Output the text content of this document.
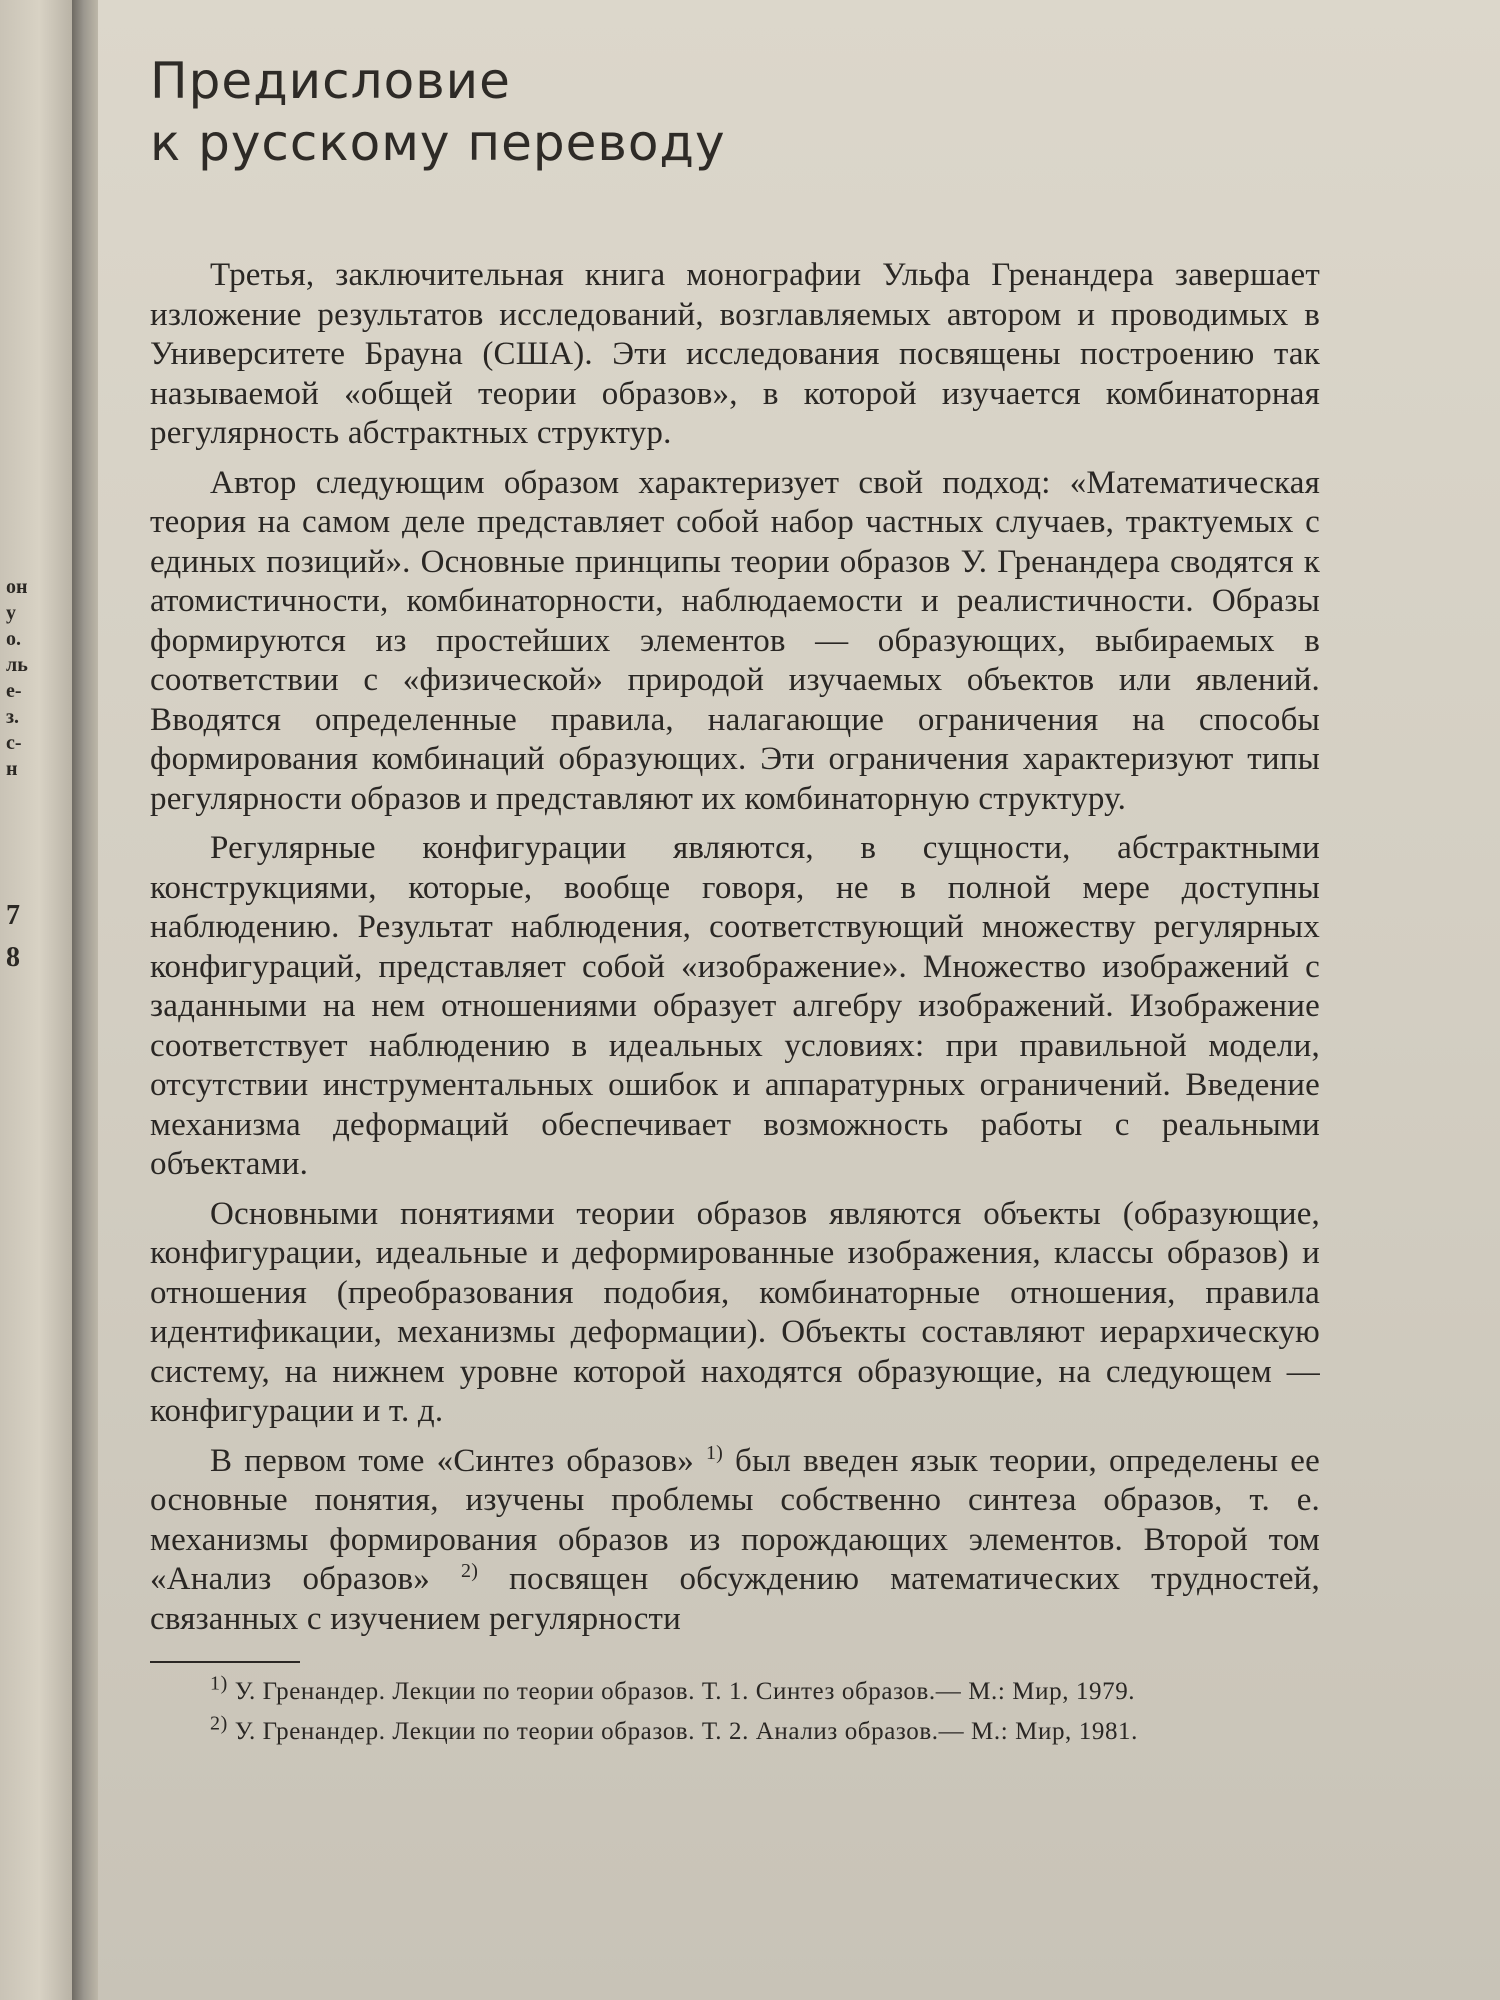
он
у
о.
ль
е-
з.
с-
н
7
8
Предисловие
к русскому переводу

Третья, заключительная книга монографии Ульфа Гренандера завершает изложение результатов исследований, возглавляемых автором и проводимых в Университете Брауна (США). Эти исследования посвящены построению так называемой «общей теории образов», в которой изучается комбинаторная регулярность абстрактных структур.

Автор следующим образом характеризует свой подход: «Математическая теория на самом деле представляет собой набор частных случаев, трактуемых с единых позиций». Основные принципы теории образов У. Гренандера сводятся к атомистичности, комбинаторности, наблюдаемости и реалистичности. Образы формируются из простейших элементов — образующих, выбираемых в соответствии с «физической» природой изучаемых объектов или явлений. Вводятся определенные правила, налагающие ограничения на способы формирования комбинаций образующих. Эти ограничения характеризуют типы регулярности образов и представляют их комбинаторную структуру.

Регулярные конфигурации являются, в сущности, абстрактными конструкциями, которые, вообще говоря, не в полной мере доступны наблюдению. Результат наблюдения, соответствующий множеству регулярных конфигураций, представляет собой «изображение». Множество изображений с заданными на нем отношениями образует алгебру изображений. Изображение соответствует наблюдению в идеальных условиях: при правильной модели, отсутствии инструментальных ошибок и аппаратурных ограничений. Введение механизма деформаций обеспечивает возможность работы с реальными объектами.

Основными понятиями теории образов являются объекты (образующие, конфигурации, идеальные и деформированные изображения, классы образов) и отношения (преобразования подобия, комбинаторные отношения, правила идентификации, механизмы деформации). Объекты составляют иерархическую систему, на нижнем уровне которой находятся образующие, на следующем — конфигурации и т. д.

В первом томе «Синтез образов» $^{1)}$ был введен язык теории, определены ее основные понятия, изучены проблемы собственно синтеза образов, т. е. механизмы формирования образов из порождающих элементов. Второй том «Анализ образов» $^{2)}$ посвящен обсуждению математических трудностей, связанных с изучением регулярности

$^{1)}$ У. Гренандер. Лекции по теории образов. Т. 1. Синтез образов.— М.: Мир, 1979.

$^{2)}$ У. Гренандер. Лекции по теории образов. Т. 2. Анализ образов.— М.: Мир, 1981.
